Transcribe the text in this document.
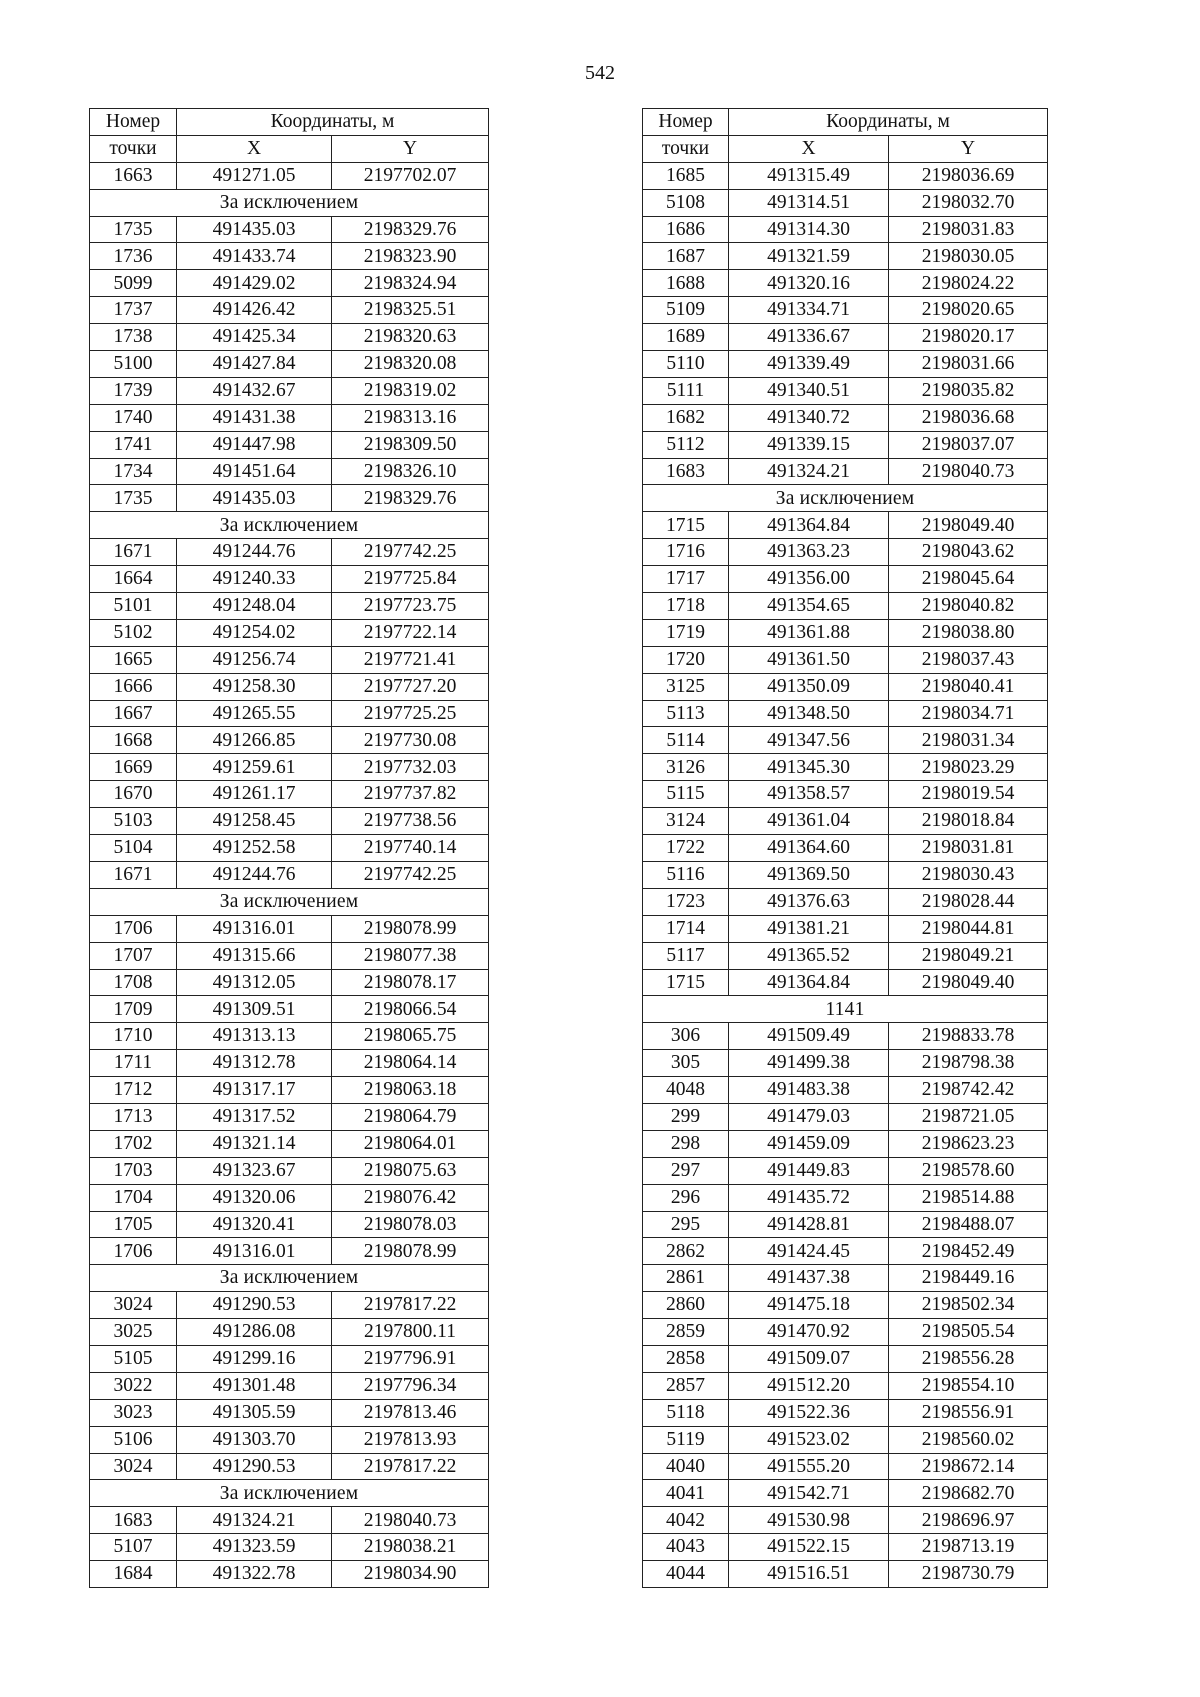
542
Номер	Координаты, м	
точки	X	Y
1663	491271.05	2197702.07
За исключением		
1735	491435.03	2198329.76
1736	491433.74	2198323.90
5099	491429.02	2198324.94
1737	491426.42	2198325.51
1738	491425.34	2198320.63
5100	491427.84	2198320.08
1739	491432.67	2198319.02
1740	491431.38	2198313.16
1741	491447.98	2198309.50
1734	491451.64	2198326.10
1735	491435.03	2198329.76
За исключением		
1671	491244.76	2197742.25
1664	491240.33	2197725.84
5101	491248.04	2197723.75
5102	491254.02	2197722.14
1665	491256.74	2197721.41
1666	491258.30	2197727.20
1667	491265.55	2197725.25
1668	491266.85	2197730.08
1669	491259.61	2197732.03
1670	491261.17	2197737.82
5103	491258.45	2197738.56
5104	491252.58	2197740.14
1671	491244.76	2197742.25
За исключением		
1706	491316.01	2198078.99
1707	491315.66	2198077.38
1708	491312.05	2198078.17
1709	491309.51	2198066.54
1710	491313.13	2198065.75
1711	491312.78	2198064.14
1712	491317.17	2198063.18
1713	491317.52	2198064.79
1702	491321.14	2198064.01
1703	491323.67	2198075.63
1704	491320.06	2198076.42
1705	491320.41	2198078.03
1706	491316.01	2198078.99
За исключением		
3024	491290.53	2197817.22
3025	491286.08	2197800.11
5105	491299.16	2197796.91
3022	491301.48	2197796.34
3023	491305.59	2197813.46
5106	491303.70	2197813.93
3024	491290.53	2197817.22
За исключением		
1683	491324.21	2198040.73
5107	491323.59	2198038.21
1684	491322.78	2198034.90
Номер	Координаты, м	
точки	X	Y
1685	491315.49	2198036.69
5108	491314.51	2198032.70
1686	491314.30	2198031.83
1687	491321.59	2198030.05
1688	491320.16	2198024.22
5109	491334.71	2198020.65
1689	491336.67	2198020.17
5110	491339.49	2198031.66
5111	491340.51	2198035.82
1682	491340.72	2198036.68
5112	491339.15	2198037.07
1683	491324.21	2198040.73
За исключением		
1715	491364.84	2198049.40
1716	491363.23	2198043.62
1717	491356.00	2198045.64
1718	491354.65	2198040.82
1719	491361.88	2198038.80
1720	491361.50	2198037.43
3125	491350.09	2198040.41
5113	491348.50	2198034.71
5114	491347.56	2198031.34
3126	491345.30	2198023.29
5115	491358.57	2198019.54
3124	491361.04	2198018.84
1722	491364.60	2198031.81
5116	491369.50	2198030.43
1723	491376.63	2198028.44
1714	491381.21	2198044.81
5117	491365.52	2198049.21
1715	491364.84	2198049.40
1141		
306	491509.49	2198833.78
305	491499.38	2198798.38
4048	491483.38	2198742.42
299	491479.03	2198721.05
298	491459.09	2198623.23
297	491449.83	2198578.60
296	491435.72	2198514.88
295	491428.81	2198488.07
2862	491424.45	2198452.49
2861	491437.38	2198449.16
2860	491475.18	2198502.34
2859	491470.92	2198505.54
2858	491509.07	2198556.28
2857	491512.20	2198554.10
5118	491522.36	2198556.91
5119	491523.02	2198560.02
4040	491555.20	2198672.14
4041	491542.71	2198682.70
4042	491530.98	2198696.97
4043	491522.15	2198713.19
4044	491516.51	2198730.79
